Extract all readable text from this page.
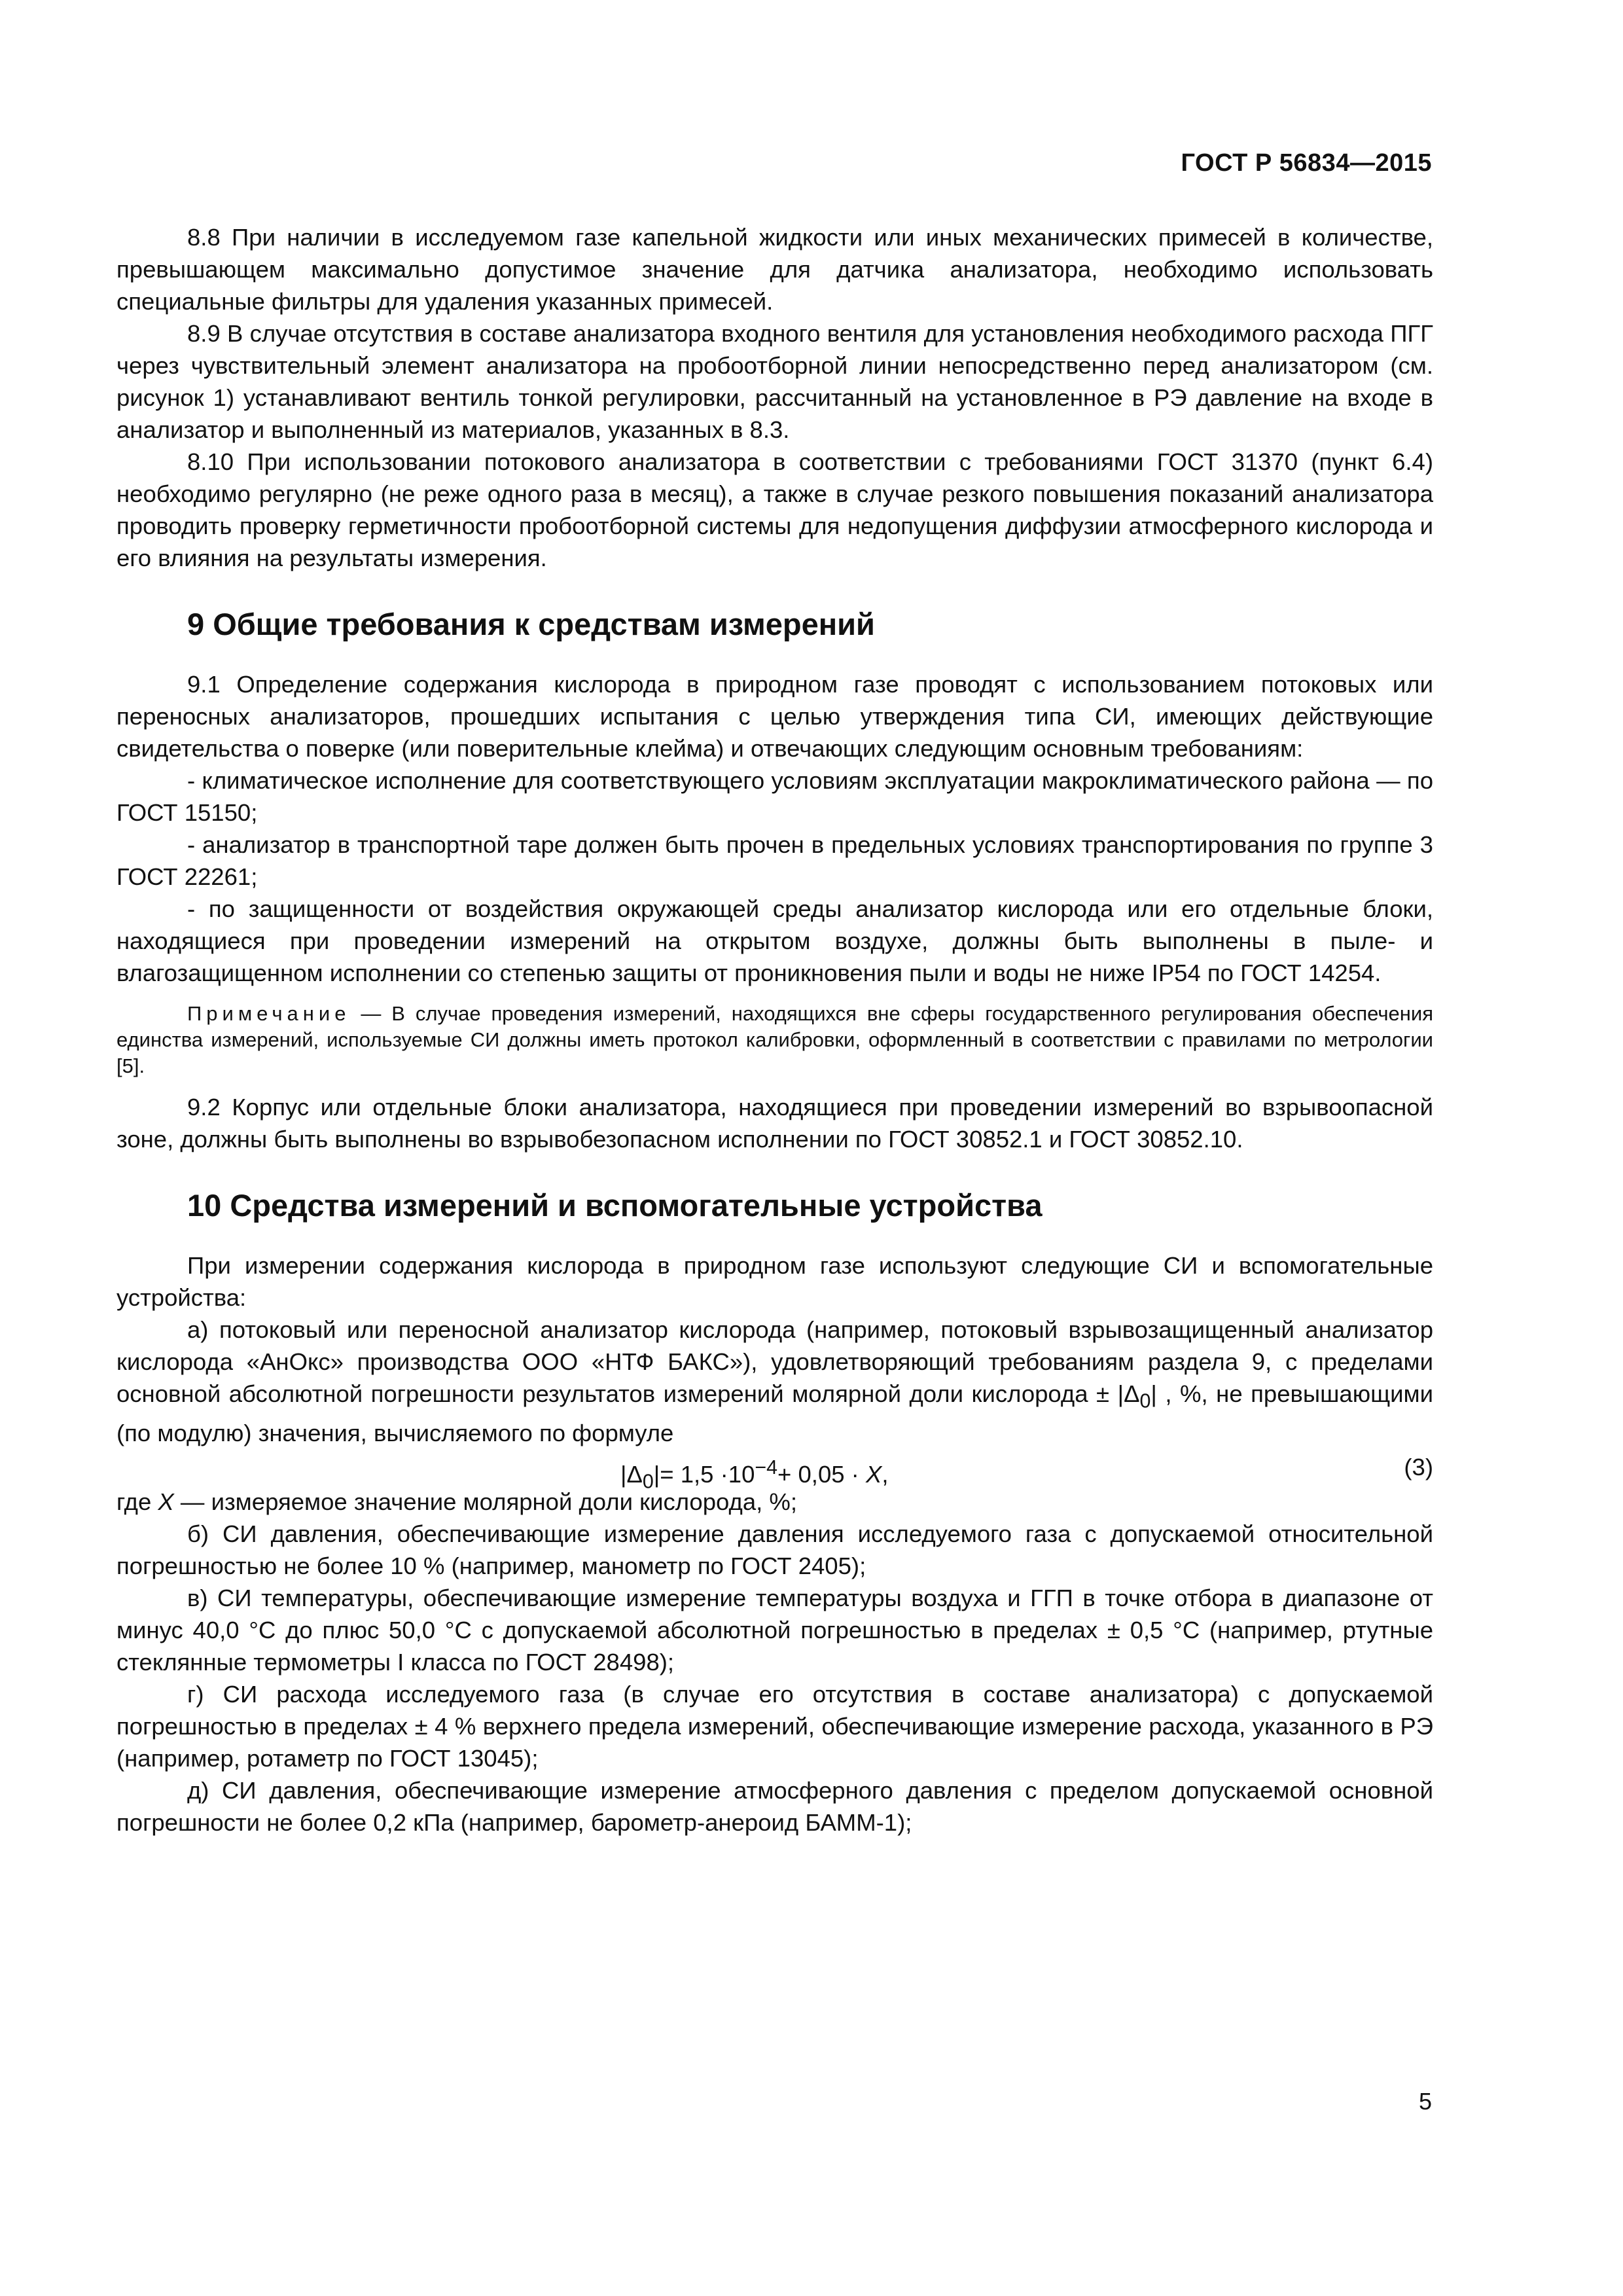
ГОСТ Р 56834—2015

8.8 При наличии в исследуемом газе капельной жидкости или иных механических примесей в количестве, превышающем максимально допустимое значение для датчика анализатора, необходимо использовать специальные фильтры для удаления указанных примесей.

8.9 В случае отсутствия в составе анализатора входного вентиля для установления необходимого расхода ПГГ через чувствительный элемент анализатора на пробоотборной линии непосредственно перед анализатором (см. рисунок 1) устанавливают вентиль тонкой регулировки, рассчитанный на установленное в РЭ давление на входе в анализатор и выполненный из материалов, указанных в 8.3.

8.10 При использовании потокового анализатора в соответствии с требованиями ГОСТ 31370 (пункт 6.4) необходимо регулярно (не реже одного раза в месяц), а также в случае резкого повышения показаний анализатора проводить проверку герметичности пробоотборной системы для недопущения диффузии атмосферного кислорода и его влияния на результаты измерения.

9 Общие требования к средствам измерений

9.1 Определение содержания кислорода в природном газе проводят с использованием потоковых или переносных анализаторов, прошедших испытания с целью утверждения типа СИ, имеющих действующие свидетельства о поверке (или поверительные клейма) и отвечающих следующим основным требованиям:

- климатическое исполнение для соответствующего условиям эксплуатации макроклиматического района — по ГОСТ 15150;

- анализатор в транспортной таре должен быть прочен в предельных условиях транспортирования по группе 3 ГОСТ 22261;

- по защищенности от воздействия окружающей среды анализатор кислорода или его отдельные блоки, находящиеся при проведении измерений на открытом воздухе, должны быть выполнены в пыле- и влагозащищенном исполнении со степенью защиты от проникновения пыли и воды не ниже IP54 по ГОСТ 14254.

Примечание — В случае проведения измерений, находящихся вне сферы государственного регулирования обеспечения единства измерений, используемые СИ должны иметь протокол калибровки, оформленный в соответствии с правилами по метрологии [5].

9.2 Корпус или отдельные блоки анализатора, находящиеся при проведении измерений во взрывоопасной зоне, должны быть выполнены во взрывобезопасном исполнении по ГОСТ 30852.1 и ГОСТ 30852.10.

10 Средства измерений и вспомогательные устройства

При измерении содержания кислорода в природном газе используют следующие СИ и вспомогательные устройства:

а) потоковый или переносной анализатор кислорода (например, потоковый взрывозащищенный анализатор кислорода «АнОкс» производства ООО «НТФ БАКС»), удовлетворяющий требованиям раздела 9, с пределами основной абсолютной погрешности результатов измерений молярной доли кислорода ± $|\Delta_0|$ , %, не превышающими (по модулю) значения, вычисляемого по формуле

$|\Delta_0|= 1,5 \cdot 10^{-4}+ 0,05 \cdot X$,	(3)

где X — измеряемое значение молярной доли кислорода, %;

б) СИ давления, обеспечивающие измерение давления исследуемого газа с допускаемой относительной погрешностью не более 10 % (например, манометр по ГОСТ 2405);

в) СИ температуры, обеспечивающие измерение температуры воздуха и ГГП в точке отбора в диапазоне от минус 40,0 °С до плюс 50,0 °С с допускаемой абсолютной погрешностью в пределах ± 0,5 °С (например, ртутные стеклянные термометры I класса по ГОСТ 28498);

г) СИ расхода исследуемого газа (в случае его отсутствия в составе анализатора) с допускаемой погрешностью в пределах ± 4 % верхнего предела измерений, обеспечивающие измерение расхода, указанного в РЭ (например, ротаметр по ГОСТ 13045);

д) СИ давления, обеспечивающие измерение атмосферного давления с пределом допускаемой основной погрешности не более 0,2 кПа (например, барометр-анероид БАММ-1);

5
